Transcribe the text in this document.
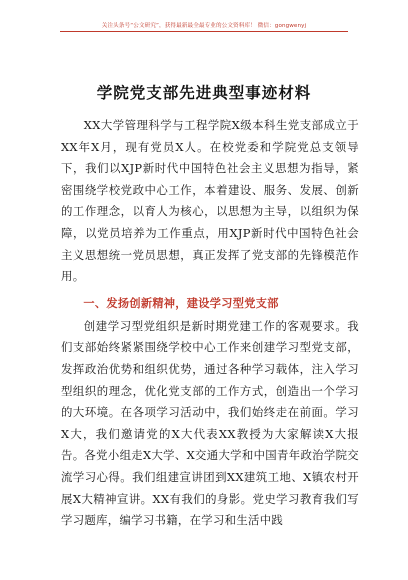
关注头条号“公文研究”，获得最新最全最专业的公文资料库！ 微信：gongwenyj
学院党支部先进典型事迹材料

XX大学管理科学与工程学院X级本科生党支部成立于XX年X月，现有党员X人。在校党委和学院党总支领导下，我们以XJP新时代中国特色社会主义思想为指导，紧密围绕学校党政中心工作，本着建设、服务、发展、创新的工作理念，以育人为核心，以思想为主导，以组织为保障，以党员培养为工作重点，用XJP新时代中国特色社会主义思想统一党员思想，真正发挥了党支部的先锋模范作用。

一、发扬创新精神，建设学习型党支部

创建学习型党组织是新时期党建工作的客观要求。我们支部始终紧紧围绕学校中心工作来创建学习型党支部，发挥政治优势和组织优势，通过各种学习载体，注入学习型组织的理念，优化党支部的工作方式，创造出一个学习的大环境。在各项学习活动中，我们始终走在前面。学习X大，我们邀请党的X大代表XX教授为大家解读X大报告。各党小组走X大学、X交通大学和中国青年政治学院交流学习心得。我们组建宣讲团到XX建筑工地、X镇农村开展X大精神宣讲。XX有我们的身影。党史学习教育我们写学习题库，编学习书籍，在学习和生活中践
